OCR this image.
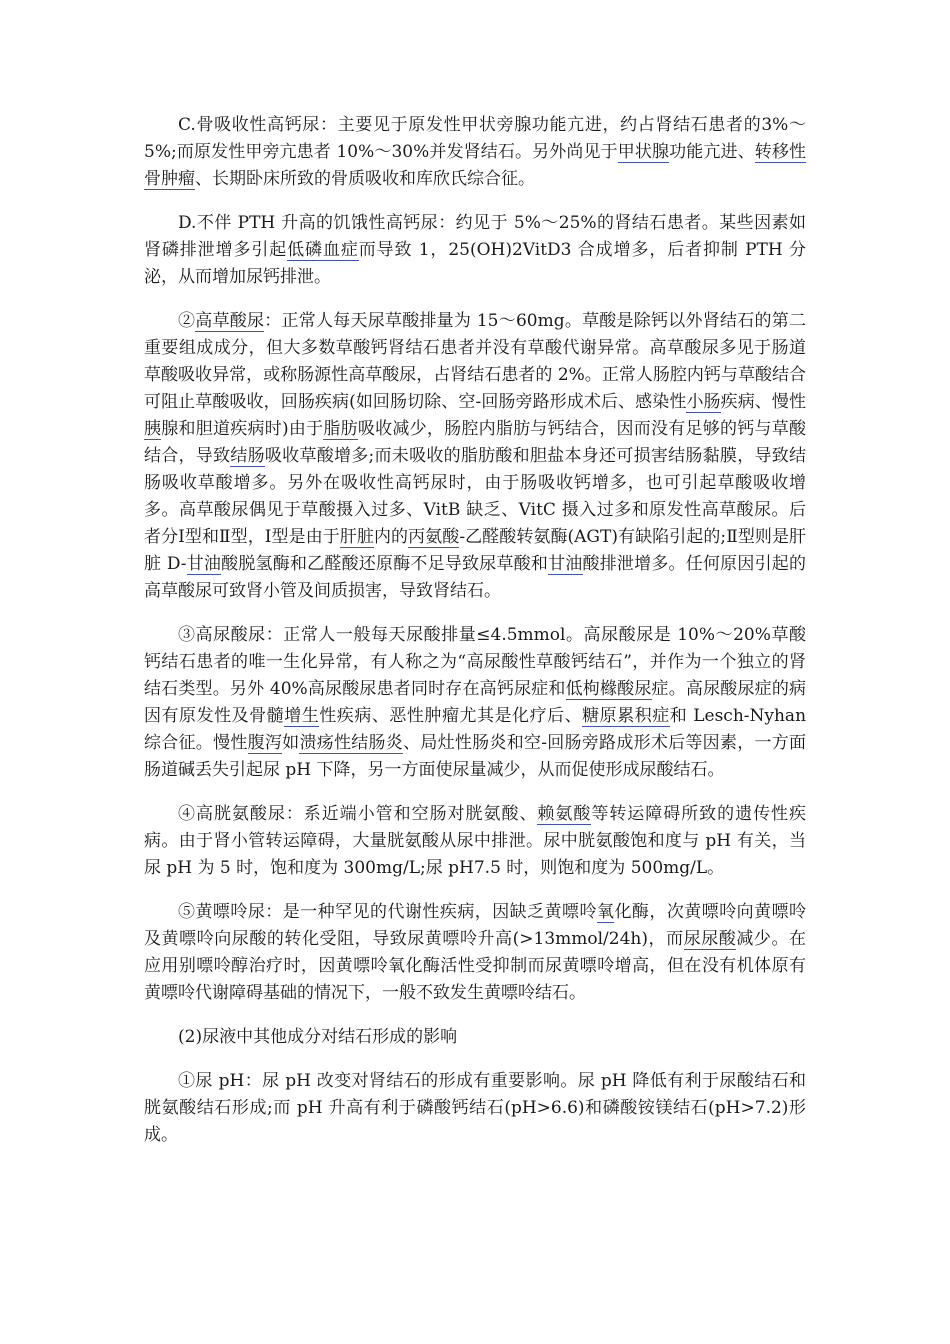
C.骨吸收性高钙尿：主要见于原发性甲状旁腺功能亢进，约占肾结石患者的3%～5%;而原发性甲旁亢患者 10%～30%并发肾结石。另外尚见于甲状腺功能亢进、转移性骨肿瘤、长期卧床所致的骨质吸收和库欣氏综合征。

D.不伴 PTH 升高的饥饿性高钙尿：约见于 5%～25%的肾结石患者。某些因素如肾磷排泄增多引起低磷血症而导致 1，25(OH)2VitD3 合成增多，后者抑制 PTH 分泌，从而增加尿钙排泄。

②高草酸尿：正常人每天尿草酸排量为 15～60mg。草酸是除钙以外肾结石的第二重要组成成分，但大多数草酸钙肾结石患者并没有草酸代谢异常。高草酸尿多见于肠道草酸吸收异常，或称肠源性高草酸尿，占肾结石患者的 2%。正常人肠腔内钙与草酸结合可阻止草酸吸收，回肠疾病(如回肠切除、空-回肠旁路形成术后、感染性小肠疾病、慢性胰腺和胆道疾病时)由于脂肪吸收减少，肠腔内脂肪与钙结合，因而没有足够的钙与草酸结合，导致结肠吸收草酸增多;而未吸收的脂肪酸和胆盐本身还可损害结肠黏膜，导致结肠吸收草酸增多。另外在吸收性高钙尿时，由于肠吸收钙增多，也可引起草酸吸收增多。高草酸尿偶见于草酸摄入过多、VitB 缺乏、VitC 摄入过多和原发性高草酸尿。后者分Ⅰ型和Ⅱ型，Ⅰ型是由于肝脏内的丙氨酸-乙醛酸转氨酶(AGT)有缺陷引起的;Ⅱ型则是肝脏 D-甘油酸脱氢酶和乙醛酸还原酶不足导致尿草酸和甘油酸排泄增多。任何原因引起的高草酸尿可致肾小管及间质损害，导致肾结石。

③高尿酸尿：正常人一般每天尿酸排量≤4.5mmol。高尿酸尿是 10%～20%草酸钙结石患者的唯一生化异常，有人称之为“高尿酸性草酸钙结石”，并作为一个独立的肾结石类型。另外 40%高尿酸尿患者同时存在高钙尿症和低枸橼酸尿症。高尿酸尿症的病因有原发性及骨髓增生性疾病、恶性肿瘤尤其是化疗后、糖原累积症和 Lesch-Nyhan 综合征。慢性腹泻如溃疡性结肠炎、局灶性肠炎和空-回肠旁路成形术后等因素，一方面肠道碱丢失引起尿 pH 下降，另一方面使尿量减少，从而促使形成尿酸结石。

④高胱氨酸尿：系近端小管和空肠对胱氨酸、赖氨酸等转运障碍所致的遗传性疾病。由于肾小管转运障碍，大量胱氨酸从尿中排泄。尿中胱氨酸饱和度与 pH 有关，当尿 pH 为 5 时，饱和度为 300mg/L;尿 pH7.5 时，则饱和度为 500mg/L。

⑤黄嘌呤尿：是一种罕见的代谢性疾病，因缺乏黄嘌呤氧化酶，次黄嘌呤向黄嘌呤及黄嘌呤向尿酸的转化受阻，导致尿黄嘌呤升高(>13mmol/24h)，而尿尿酸减少。在应用别嘌呤醇治疗时，因黄嘌呤氧化酶活性受抑制而尿黄嘌呤增高，但在没有机体原有黄嘌呤代谢障碍基础的情况下，一般不致发生黄嘌呤结石。

(2)尿液中其他成分对结石形成的影响

①尿 pH：尿 pH 改变对肾结石的形成有重要影响。尿 pH 降低有利于尿酸结石和胱氨酸结石形成;而 pH 升高有利于磷酸钙结石(pH>6.6)和磷酸铵镁结石(pH>7.2)形成。
